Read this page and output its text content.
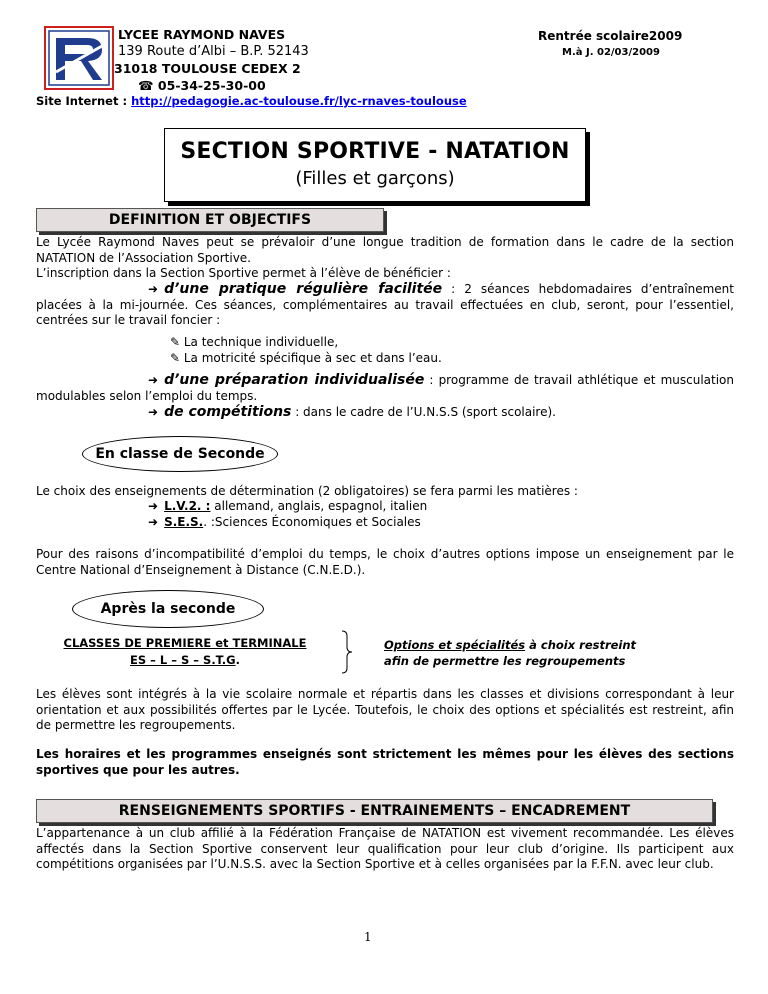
LYCEE RAYMOND NAVES
139 Route d’Albi – B.P. 52143
31018 TOULOUSE CEDEX 2
☎ 05-34-25-30-00
Site Internet : http://pedagogie.ac-toulouse.fr/lyc-rnaves-toulouse
Rentrée scolaire2009
M.à J. 02/03/2009
SECTION SPORTIVE - NATATION
(Filles et garçons)
DEFINITION ET OBJECTIFS
Le Lycée Raymond Naves peut se prévaloir d’une longue tradition de formation dans le cadre de la section NATATION de l’Association Sportive.
L’inscription dans la Section Sportive permet à l’élève de bénéficier :
➜ d’une pratique régulière facilitée : 2 séances hebdomadaires d’entraînement placées à la mi-journée. Ces séances, complémentaires au travail effectuées en club, seront, pour l’essentiel, centrées sur le travail foncier :
✎ La technique individuelle,
✎ La motricité spécifique à sec et dans l’eau.
➜ d’une préparation individualisée : programme de travail athlétique et musculation modulables selon l’emploi du temps.
➜ de compétitions : dans le cadre de l’U.N.S.S (sport scolaire).
En classe de Seconde
Le choix des enseignements de détermination (2 obligatoires) se fera parmi les matières :
➜ L.V.2. : allemand, anglais, espagnol, italien
➜ S.E.S.. :Sciences Économiques et Sociales
Pour des raisons d’incompatibilité d’emploi du temps, le choix d’autres options impose un enseignement par le Centre National d’Enseignement à Distance (C.N.E.D.).
Après la seconde
CLASSES DE PREMIERE et TERMINALE
ES – L – S – S.T.G.
Options et spécialités à choix restreint
afin de permettre les regroupements
Les élèves sont intégrés à la vie scolaire normale et répartis dans les classes et divisions correspondant à leur orientation et aux possibilités offertes par le Lycée. Toutefois, le choix des options et spécialités est restreint, afin de permettre les regroupements.
Les horaires et les programmes enseignés sont strictement les mêmes pour les élèves des sections sportives que pour les autres.
RENSEIGNEMENTS SPORTIFS - ENTRAINEMENTS – ENCADREMENT
L’appartenance à un club affilié à la Fédération Française de NATATION est vivement recommandée. Les élèves affectés dans la Section Sportive conservent leur qualification pour leur club d’origine. Ils participent aux compétitions organisées par l’U.N.S.S. avec la Section Sportive et à celles organisées par la F.F.N. avec leur club.
1
